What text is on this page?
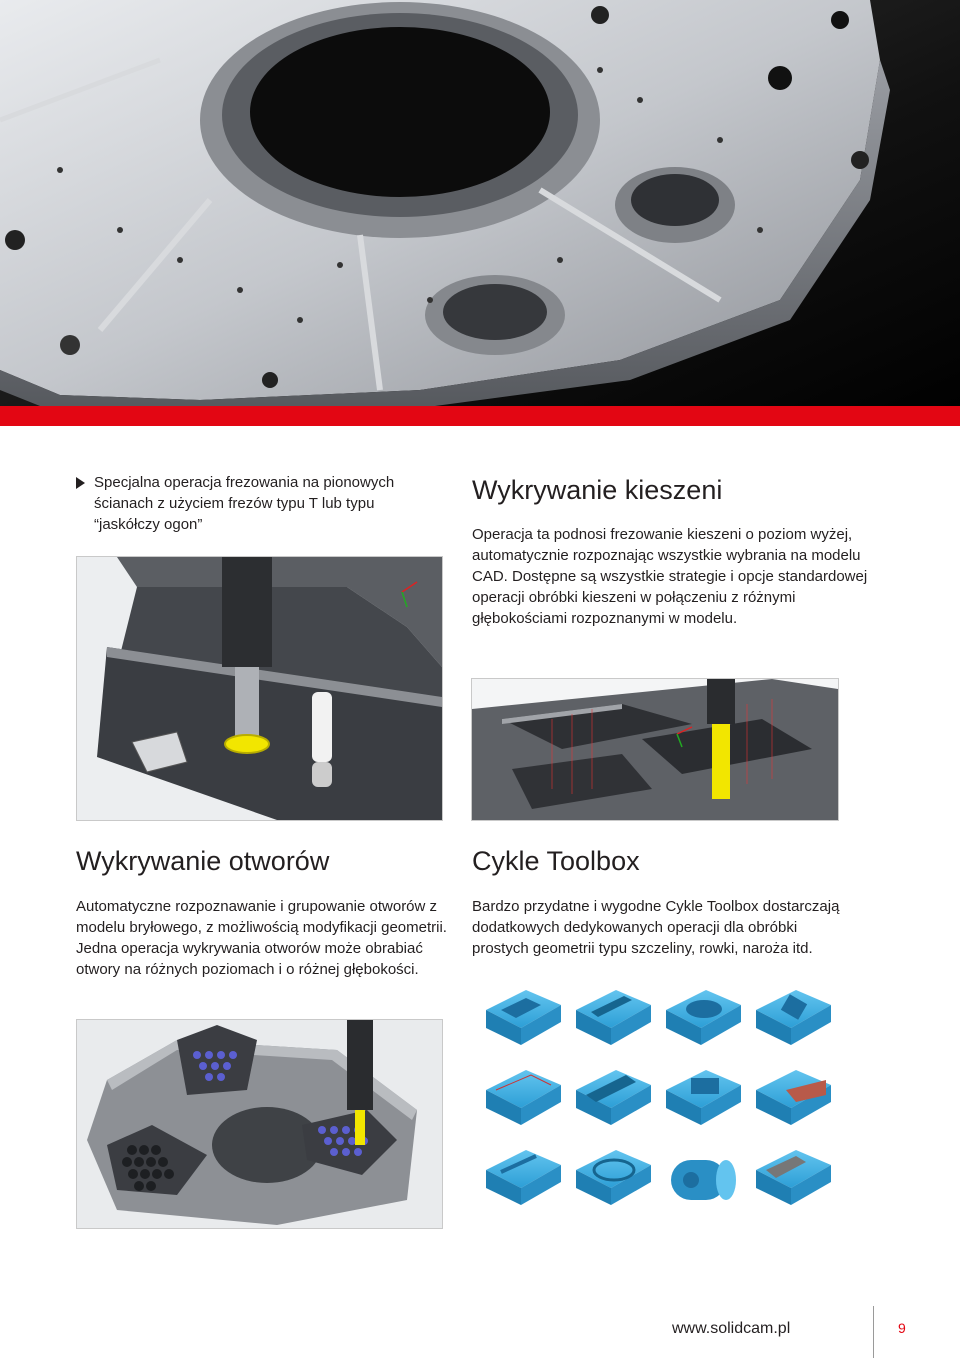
Specjalna operacja frezowania na pionowych ścianach z użyciem frezów typu T lub typu “jaskółczy ogon”
Wykrywanie kieszeni
Operacja ta podnosi frezowanie kieszeni o poziom wyżej, automatycznie rozpoznając wszystkie wybrania na modelu CAD. Dostępne są wszystkie strategie i opcje standardowej operacji obróbki kieszeni w połączeniu z różnymi głębokościami rozpoznanymi w modelu.
Wykrywanie otworów
Automatyczne rozpoznawanie i grupowanie otworów z modelu bryłowego, z możliwością modyfikacji geometrii. Jedna operacja wykrywania otworów może obrabiać otwory na różnych poziomach i o różnej głębokości.
Cykle Toolbox
Bardzo przydatne i wygodne Cykle Toolbox dostarczają dodatkowych dedykowanych operacji dla obróbki prostych geometrii typu szczeliny, rowki, naroża itd.
www.solidcam.pl	9
